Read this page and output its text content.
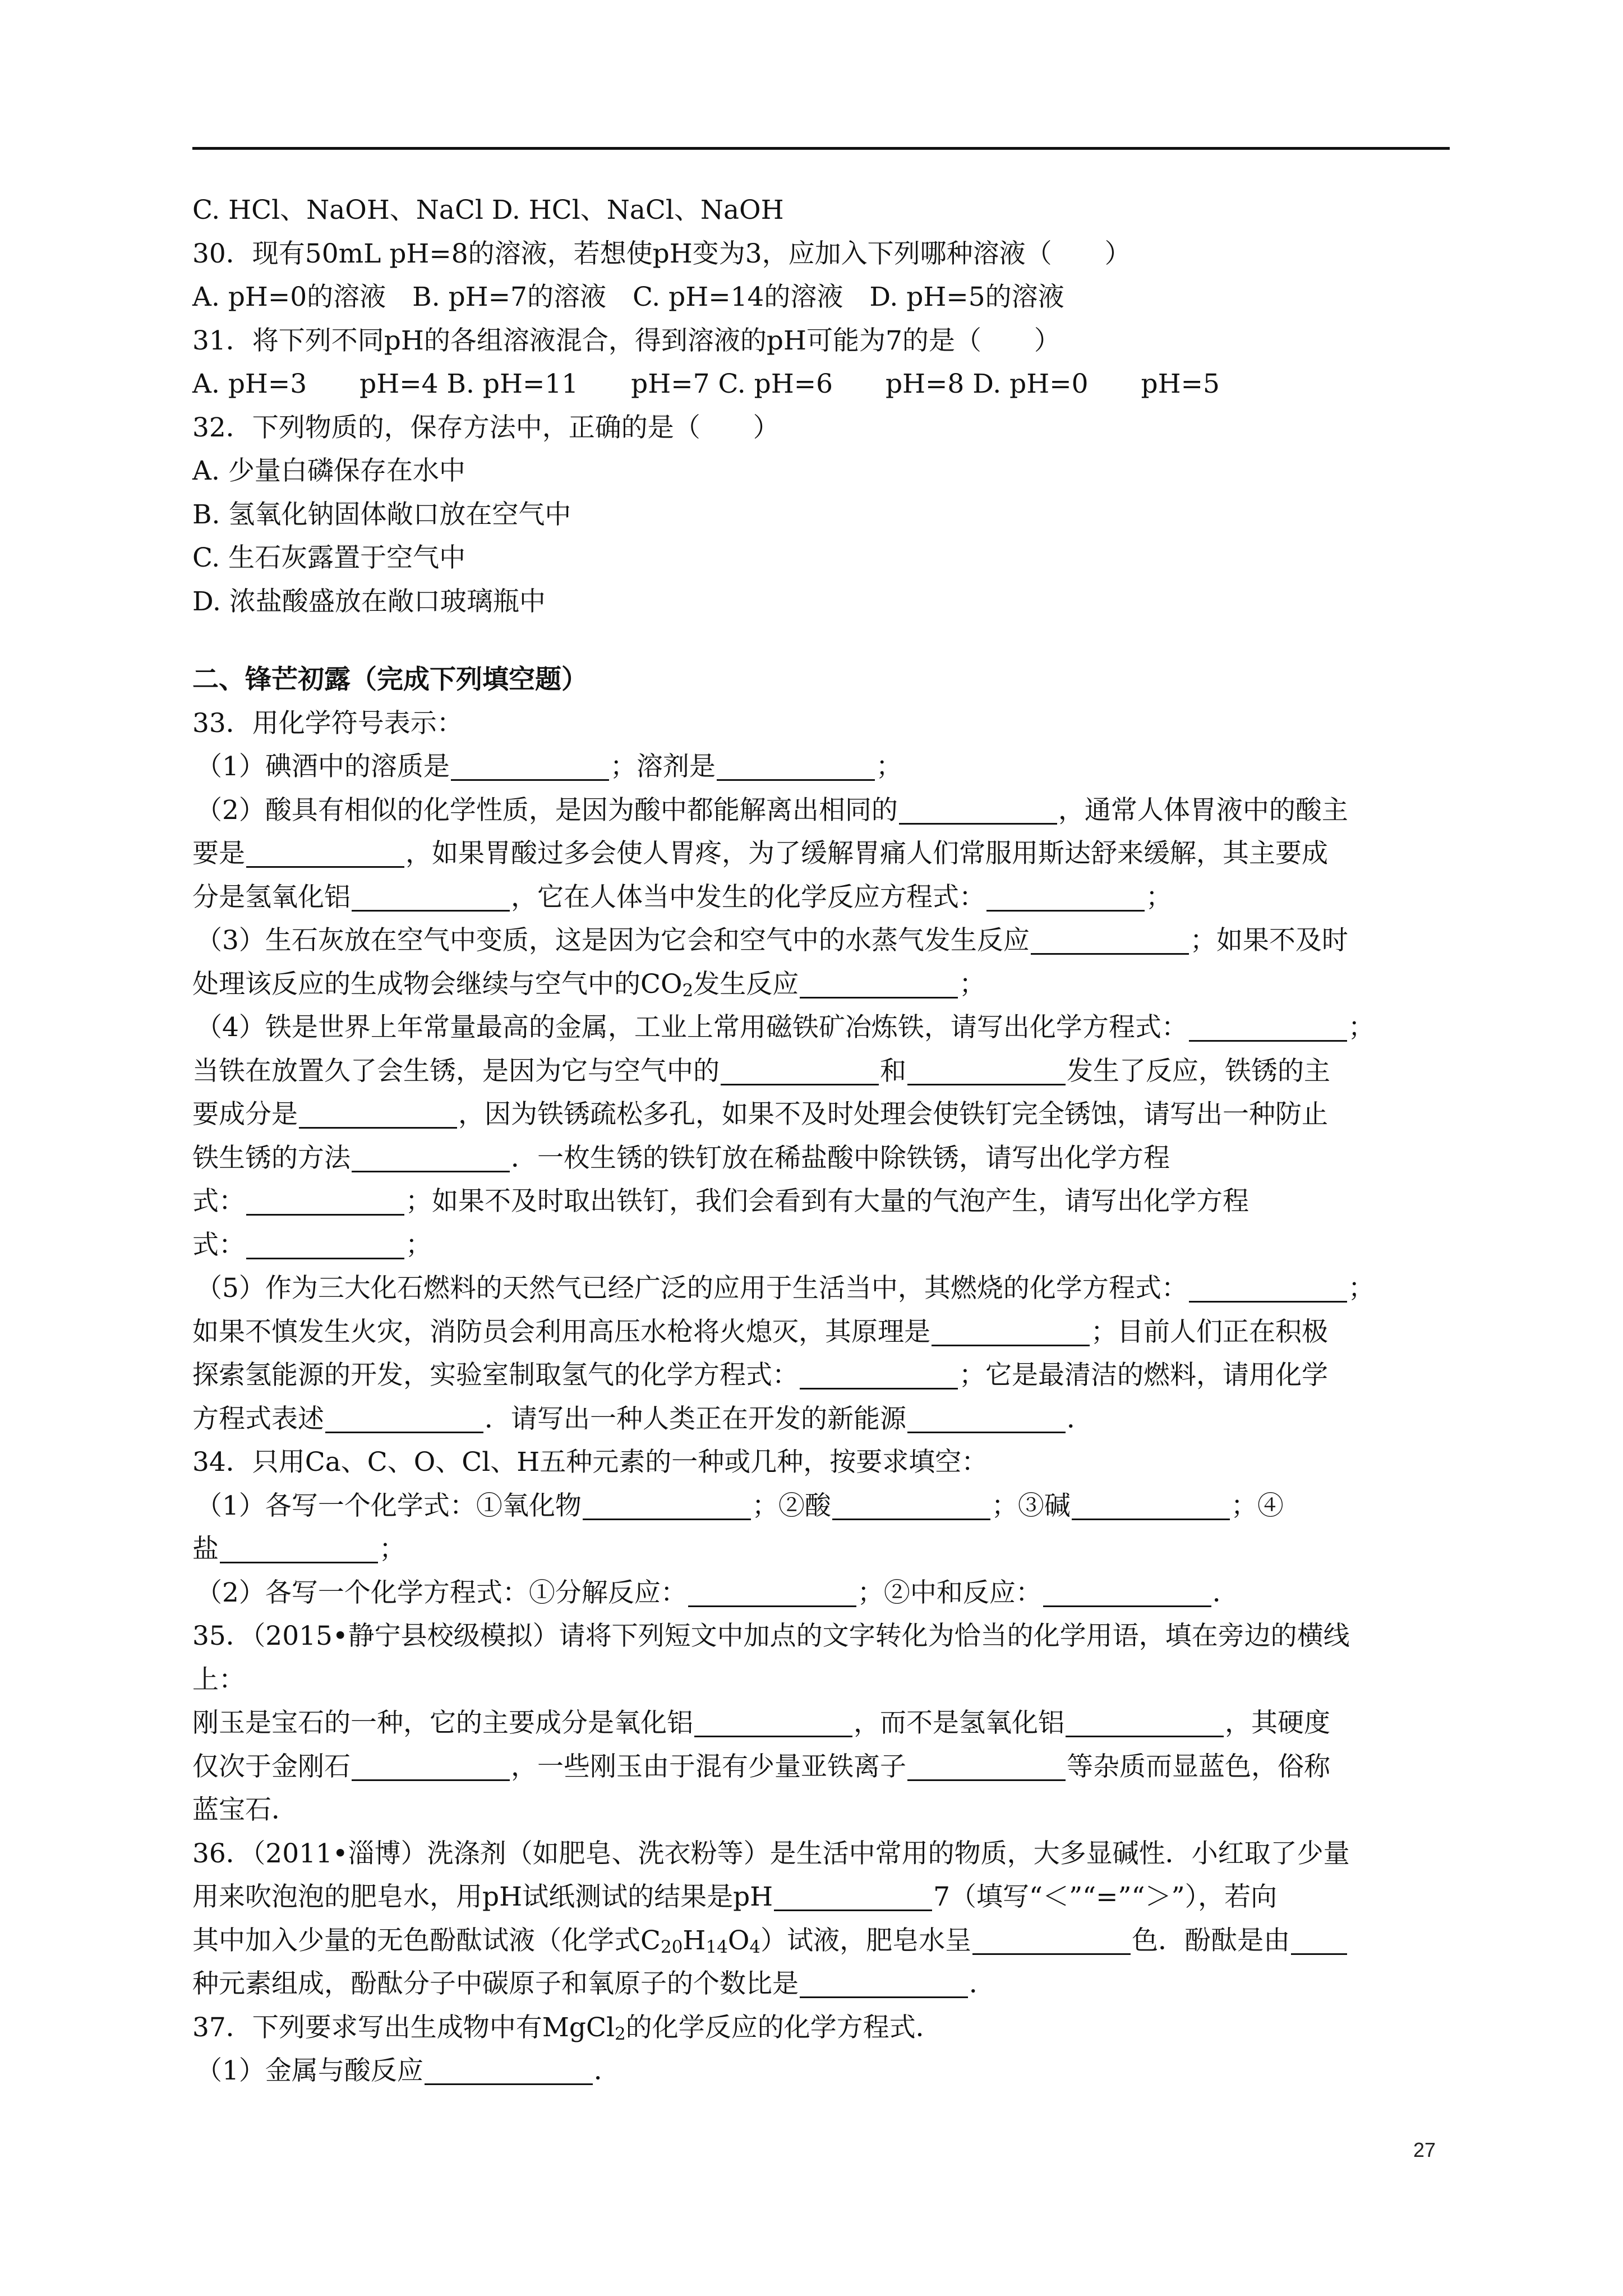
C. HCl、NaOH、NaCl D. HCl、NaCl、NaOH
30．现有50mL pH=8的溶液，若想使pH变为3，应加入下列哪种溶液（　　）
A. pH=0的溶液　B. pH=7的溶液　C. pH=14的溶液　D. pH=5的溶液
31．将下列不同pH的各组溶液混合，得到溶液的pH可能为7的是（　　）
A. pH=3　　pH=4 B. pH=11　　pH=7 C. pH=6　　pH=8 D. pH=0　　pH=5
32．下列物质的，保存方法中，正确的是（　　）
A. 少量白磷保存在水中
B. 氢氧化钠固体敞口放在空气中
C. 生石灰露置于空气中
D. 浓盐酸盛放在敞口玻璃瓶中
二、锋芒初露（完成下列填空题）
33．用化学符号表示：
（1）碘酒中的溶质是	；溶剂是	；
（2）酸具有相似的化学性质，是因为酸中都能解离出相同的	，通常人体胃液中的酸主
要是	，如果胃酸过多会使人胃疼，为了缓解胃痛人们常服用斯达舒来缓解，其主要成
分是氢氧化铝	，它在人体当中发生的化学反应方程式：	；
（3）生石灰放在空气中变质，这是因为它会和空气中的水蒸气发生反应	；如果不及时
处理该反应的生成物会继续与空气中的CO2发生反应	；
（4）铁是世界上年常量最高的金属，工业上常用磁铁矿冶炼铁，请写出化学方程式：	；
当铁在放置久了会生锈，是因为它与空气中的	和	发生了反应，铁锈的主
要成分是	，因为铁锈疏松多孔，如果不及时处理会使铁钉完全锈蚀，请写出一种防止
铁生锈的方法	．一枚生锈的铁钉放在稀盐酸中除铁锈，请写出化学方程
式：	；如果不及时取出铁钉，我们会看到有大量的气泡产生，请写出化学方程
式：	；
（5）作为三大化石燃料的天然气已经广泛的应用于生活当中，其燃烧的化学方程式：	；
如果不慎发生火灾，消防员会利用高压水枪将火熄灭，其原理是	；目前人们正在积极
探索氢能源的开发，实验室制取氢气的化学方程式：	；它是最清洁的燃料，请用化学
方程式表述	．请写出一种人类正在开发的新能源	．
34．只用Ca、C、O、Cl、H五种元素的一种或几种，按要求填空：
（1）各写一个化学式：①氧化物	；②酸	；③碱	；④
盐	；
（2）各写一个化学方程式：①分解反应：	；②中和反应：	．
35．（2015•静宁县校级模拟）请将下列短文中加点的文字转化为恰当的化学用语，填在旁边的横线
上：
刚玉是宝石的一种，它的主要成分是氧化铝	，而不是氢氧化铝	，其硬度
仅次于金刚石	，一些刚玉由于混有少量亚铁离子	等杂质而显蓝色，俗称
蓝宝石．
36．（2011•淄博）洗涤剂（如肥皂、洗衣粉等）是生活中常用的物质，大多显碱性．小红取了少量
用来吹泡泡的肥皂水，用pH试纸测试的结果是pH	7（填写“＜”“=”“＞”），若向
其中加入少量的无色酚酞试液（化学式C20H14O4）试液，肥皂水呈	色．酚酞是由
种元素组成，酚酞分子中碳原子和氧原子的个数比是	．
37．下列要求写出生成物中有MgCl2的化学反应的化学方程式．
（1）金属与酸反应	．
27
